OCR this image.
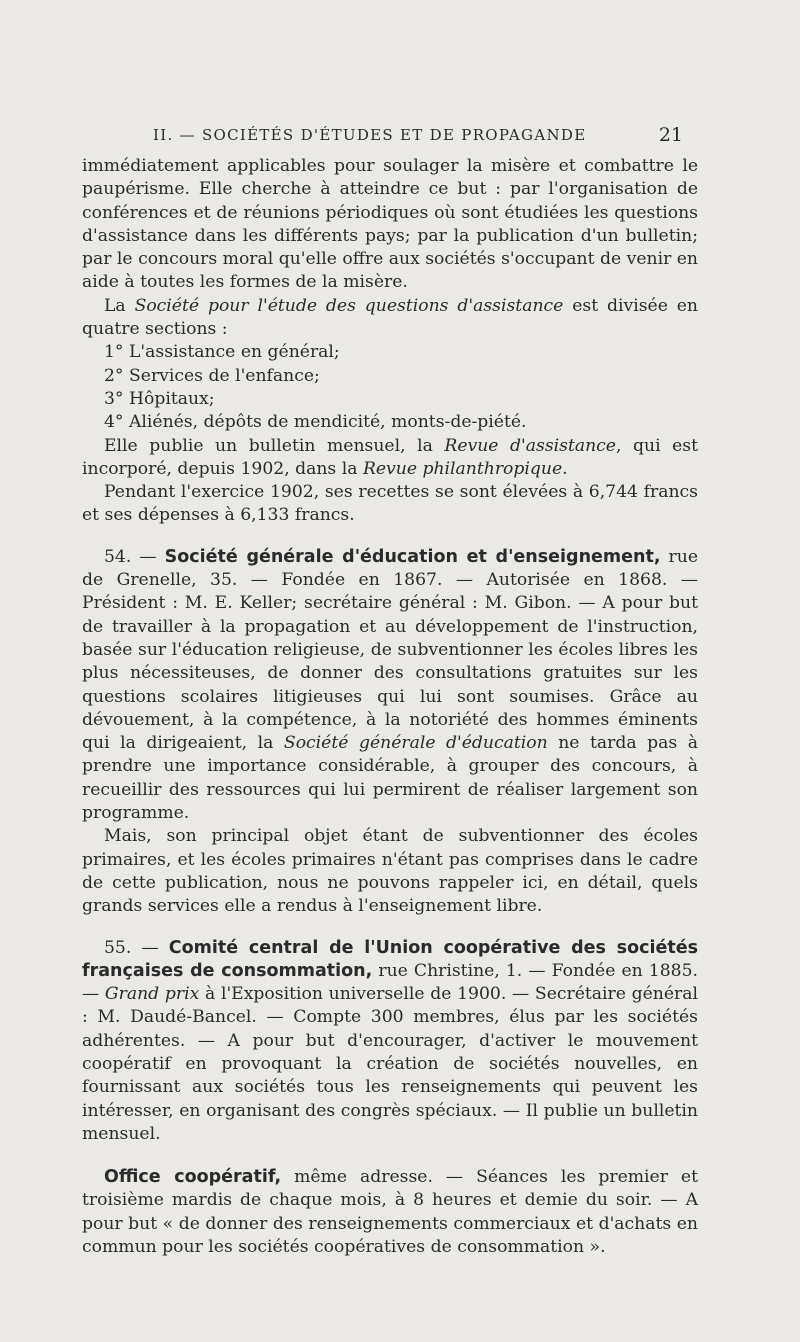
II. — SOCIÉTÉS D'ÉTUDES ET DE PROPAGANDE	21

immédiatement applicables pour soulager la misère et combattre le paupérisme. Elle cherche à atteindre ce but : par l'organisation de conférences et de réunions périodiques où sont étudiées les questions d'assistance dans les différents pays; par la publication d'un bulletin; par le concours moral qu'elle offre aux sociétés s'occupant de venir en aide à toutes les formes de la misère.

La Société pour l'étude des questions d'assistance est divisée en quatre sections :

1° L'assistance en général;

2° Services de l'enfance;

3° Hôpitaux;

4° Aliénés, dépôts de mendicité, monts-de-piété.

Elle publie un bulletin mensuel, la Revue d'assistance, qui est incorporé, depuis 1902, dans la Revue philanthropique.

Pendant l'exercice 1902, ses recettes se sont élevées à 6,744 francs et ses dépenses à 6,133 francs.

54. — Société générale d'éducation et d'enseignement, rue de Grenelle, 35. — Fondée en 1867. — Autorisée en 1868. — Président : M. E. Keller; secrétaire général : M. Gibon. — A pour but de travailler à la propagation et au développement de l'instruction, basée sur l'éducation religieuse, de subventionner les écoles libres les plus nécessiteuses, de donner des consultations gratuites sur les questions scolaires litigieuses qui lui sont soumises. Grâce au dévouement, à la compétence, à la notoriété des hommes éminents qui la dirigeaient, la Société générale d'éducation ne tarda pas à prendre une importance considérable, à grouper des concours, à recueillir des ressources qui lui permirent de réaliser largement son programme.

Mais, son principal objet étant de subventionner des écoles primaires, et les écoles primaires n'étant pas comprises dans le cadre de cette publication, nous ne pouvons rappeler ici, en détail, quels grands services elle a rendus à l'enseignement libre.

55. — Comité central de l'Union coopérative des sociétés françaises de consommation, rue Christine, 1. — Fondée en 1885. — Grand prix à l'Exposition universelle de 1900. — Secrétaire général : M. Daudé-Bancel. — Compte 300 membres, élus par les sociétés adhérentes. — A pour but d'encourager, d'activer le mouvement coopératif en provoquant la création de sociétés nouvelles, en fournissant aux sociétés tous les renseignements qui peuvent les intéresser, en organisant des congrès spéciaux. — Il publie un bulletin mensuel.

Office coopératif, même adresse. — Séances les premier et troisième mardis de chaque mois, à 8 heures et demie du soir. — A pour but « de donner des renseignements commerciaux et d'achats en commun pour les sociétés coopératives de consommation ».
